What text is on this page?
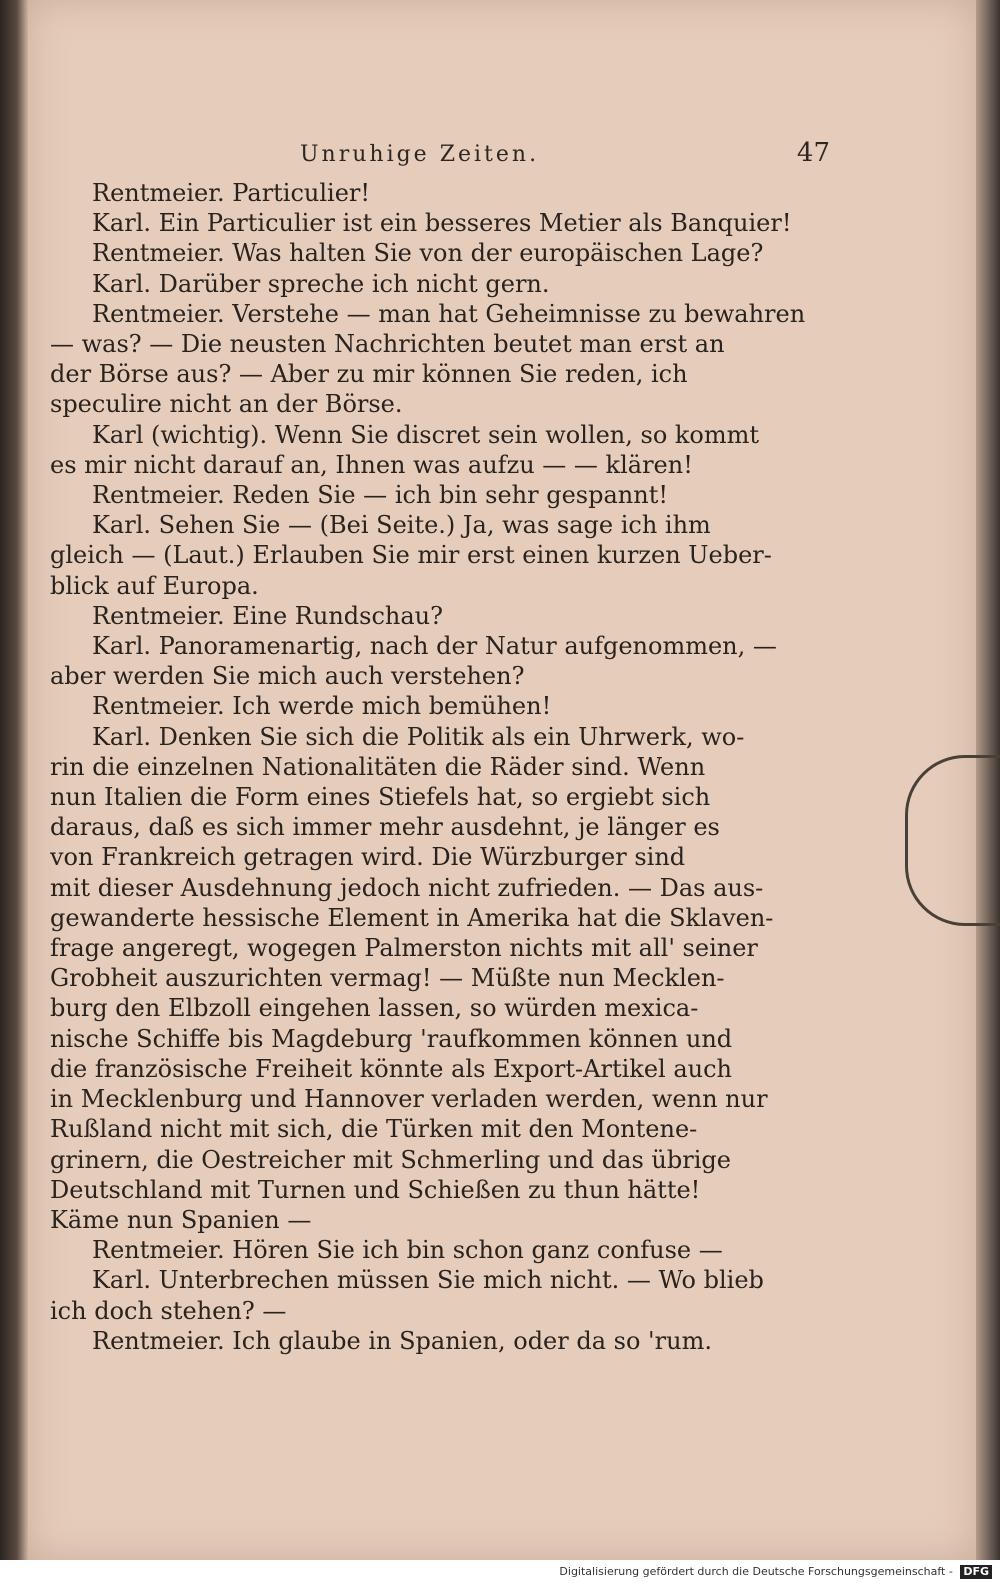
Unruhige Zeiten.	47
Rentmeier. Particulier!
Karl. Ein Particulier ist ein besseres Metier als Banquier!
Rentmeier. Was halten Sie von der europäischen Lage?
Karl. Darüber spreche ich nicht gern.
Rentmeier. Verstehe — man hat Geheimnisse zu bewahren
— was? — Die neusten Nachrichten beutet man erst an
der Börse aus? — Aber zu mir können Sie reden, ich
speculire nicht an der Börse.
Karl (wichtig). Wenn Sie discret sein wollen, so kommt
es mir nicht darauf an, Ihnen was aufzu — — klären!
Rentmeier. Reden Sie — ich bin sehr gespannt!
Karl. Sehen Sie — (Bei Seite.) Ja, was sage ich ihm
gleich — (Laut.) Erlauben Sie mir erst einen kurzen Ueber-
blick auf Europa.
Rentmeier. Eine Rundschau?
Karl. Panoramenartig, nach der Natur aufgenommen, —
aber werden Sie mich auch verstehen?
Rentmeier. Ich werde mich bemühen!
Karl. Denken Sie sich die Politik als ein Uhrwerk, wo-
rin die einzelnen Nationalitäten die Räder sind. Wenn
nun Italien die Form eines Stiefels hat, so ergiebt sich
daraus, daß es sich immer mehr ausdehnt, je länger es
von Frankreich getragen wird. Die Würzburger sind
mit dieser Ausdehnung jedoch nicht zufrieden. — Das aus-
gewanderte hessische Element in Amerika hat die Sklaven-
frage angeregt, wogegen Palmerston nichts mit all' seiner
Grobheit auszurichten vermag! — Müßte nun Mecklen-
burg den Elbzoll eingehen lassen, so würden mexica-
nische Schiffe bis Magdeburg 'raufkommen können und
die französische Freiheit könnte als Export-Artikel auch
in Mecklenburg und Hannover verladen werden, wenn nur
Rußland nicht mit sich, die Türken mit den Montene-
grinern, die Oestreicher mit Schmerling und das übrige
Deutschland mit Turnen und Schießen zu thun hätte!
Käme nun Spanien —
Rentmeier. Hören Sie ich bin schon ganz confuse —
Karl. Unterbrechen müssen Sie mich nicht. — Wo blieb
ich doch stehen? —
Rentmeier. Ich glaube in Spanien, oder da so 'rum.
Digitalisierung gefördert durch die Deutsche Forschungsgemeinschaft - DFG
